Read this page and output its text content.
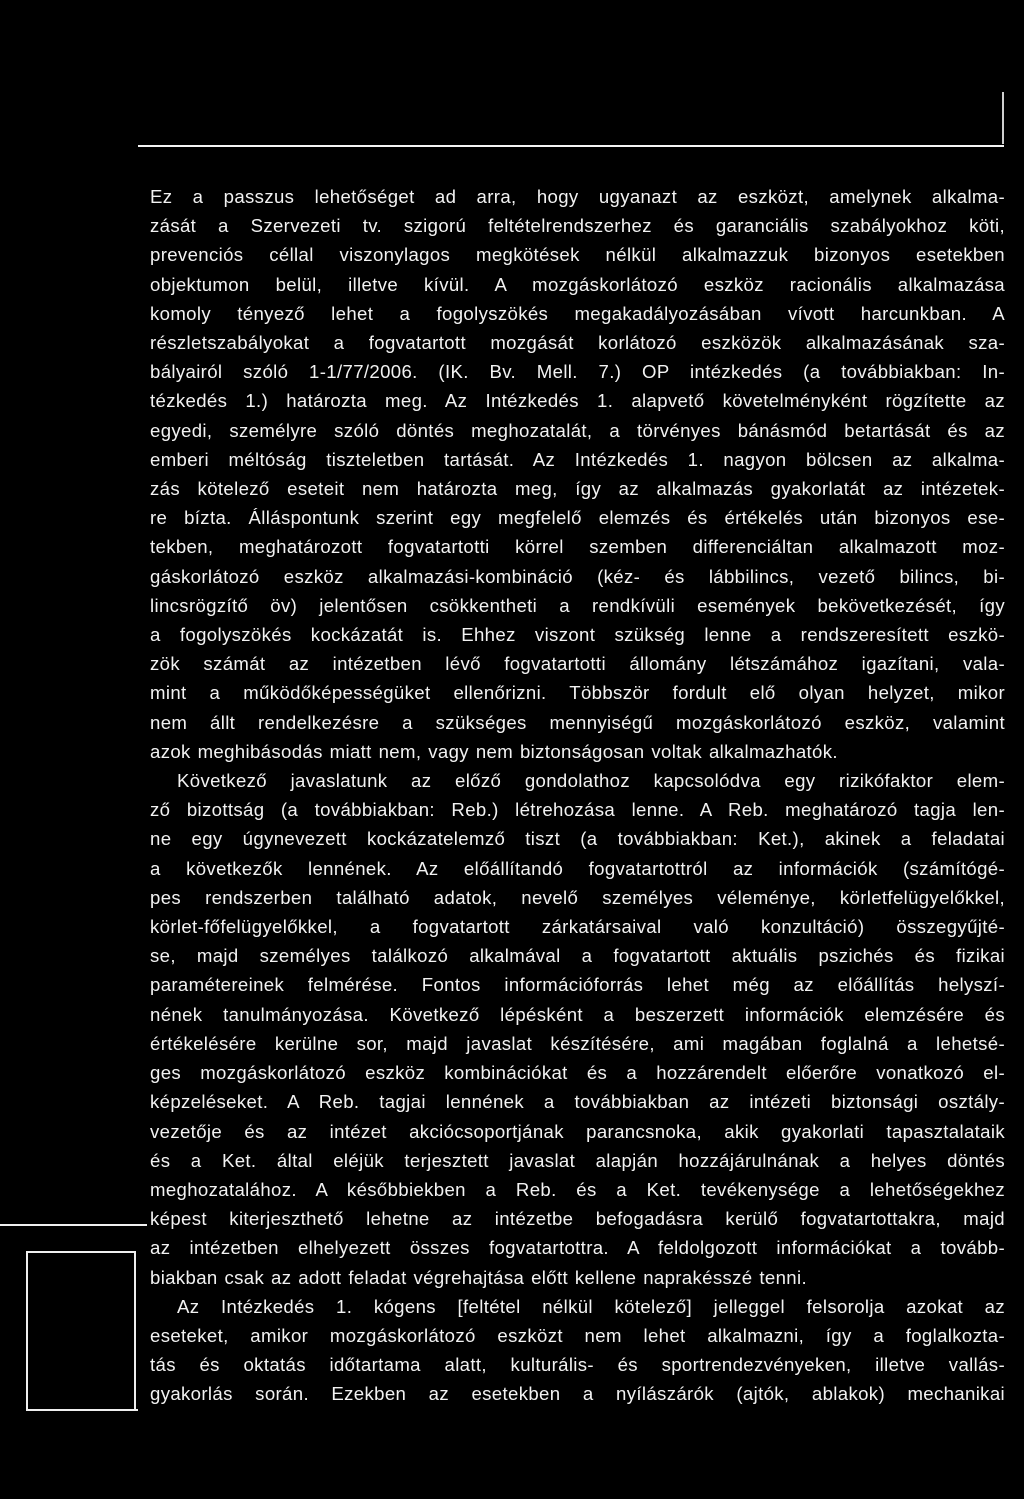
Ez a passzus lehetőséget ad arra, hogy ugyanazt az eszközt, amelynek alkalma-

zását a Szervezeti tv. szigorú feltételrendszerhez és garanciális szabályokhoz köti,

prevenciós céllal viszonylagos megkötések nélkül alkalmazzuk bizonyos esetekben

objektumon belül, illetve kívül. A mozgáskorlátozó eszköz racionális alkalmazása

komoly tényező lehet a fogolyszökés megakadályozásában vívott harcunkban. A

részletszabályokat a fogvatartott mozgását korlátozó eszközök alkalmazásának sza-

bályairól szóló 1-1/77/2006. (IK. Bv. Mell. 7.) OP intézkedés (a továbbiakban: In-

tézkedés 1.) határozta meg. Az Intézkedés 1. alapvető követelményként rögzítette az

egyedi, személyre szóló döntés meghozatalát, a törvényes bánásmód betartását és az

emberi méltóság tiszteletben tartását. Az Intézkedés 1. nagyon bölcsen az alkalma-

zás kötelező eseteit nem határozta meg, így az alkalmazás gyakorlatát az intézetek-

re bízta. Álláspontunk szerint egy megfelelő elemzés és értékelés után bizonyos ese-

tekben, meghatározott fogvatartotti körrel szemben differenciáltan alkalmazott moz-

gáskorlátozó eszköz alkalmazási-kombináció (kéz- és lábbilincs, vezető bilincs, bi-

lincsrögzítő öv) jelentősen csökkentheti a rendkívüli események bekövetkezését, így

a fogolyszökés kockázatát is. Ehhez viszont szükség lenne a rendszeresített eszkö-

zök számát az intézetben lévő fogvatartotti állomány létszámához igazítani, vala-

mint a működőképességüket ellenőrizni. Többször fordult elő olyan helyzet, mikor

nem állt rendelkezésre a szükséges mennyiségű mozgáskorlátozó eszköz, valamint

azok meghibásodás miatt nem, vagy nem biztonságosan voltak alkalmazhatók.

Következő javaslatunk az előző gondolathoz kapcsolódva egy rizikófaktor elem-

ző bizottság (a továbbiakban: Reb.) létrehozása lenne. A Reb. meghatározó tagja len-

ne egy úgynevezett kockázatelemző tiszt (a továbbiakban: Ket.), akinek a feladatai

a következők lennének. Az előállítandó fogvatartottról az információk (számítógé-

pes rendszerben található adatok, nevelő személyes véleménye, körletfelügyelőkkel,

körlet-főfelügyelőkkel, a fogvatartott zárkatársaival való konzultáció) összegyűjté-

se, majd személyes találkozó alkalmával a fogvatartott aktuális pszichés és fizikai

paramétereinek felmérése. Fontos információforrás lehet még az előállítás helyszí-

nének tanulmányozása. Következő lépésként a beszerzett információk elemzésére és

értékelésére kerülne sor, majd javaslat készítésére, ami magában foglalná a lehetsé-

ges mozgáskorlátozó eszköz kombinációkat és a hozzárendelt előerőre vonatkozó el-

képzeléseket. A Reb. tagjai lennének a továbbiakban az intézeti biztonsági osztály-

vezetője és az intézet akciócsoportjának parancsnoka, akik gyakorlati tapasztalataik

és a Ket. által eléjük terjesztett javaslat alapján hozzájárulnának a helyes döntés

meghozatalához. A későbbiekben a Reb. és a Ket. tevékenysége a lehetőségekhez

képest kiterjeszthető lehetne az intézetbe befogadásra kerülő fogvatartottakra, majd

az intézetben elhelyezett összes fogvatartottra. A feldolgozott információkat a tovább-

biakban csak az adott feladat végrehajtása előtt kellene naprakésszé tenni.

Az Intézkedés 1. kógens [feltétel nélkül kötelező] jelleggel felsorolja azokat az

eseteket, amikor mozgáskorlátozó eszközt nem lehet alkalmazni, így a foglalkozta-

tás és oktatás időtartama alatt, kulturális- és sportrendezvényeken, illetve vallás-

gyakorlás során. Ezekben az esetekben a nyílászárók (ajtók, ablakok) mechanikai
